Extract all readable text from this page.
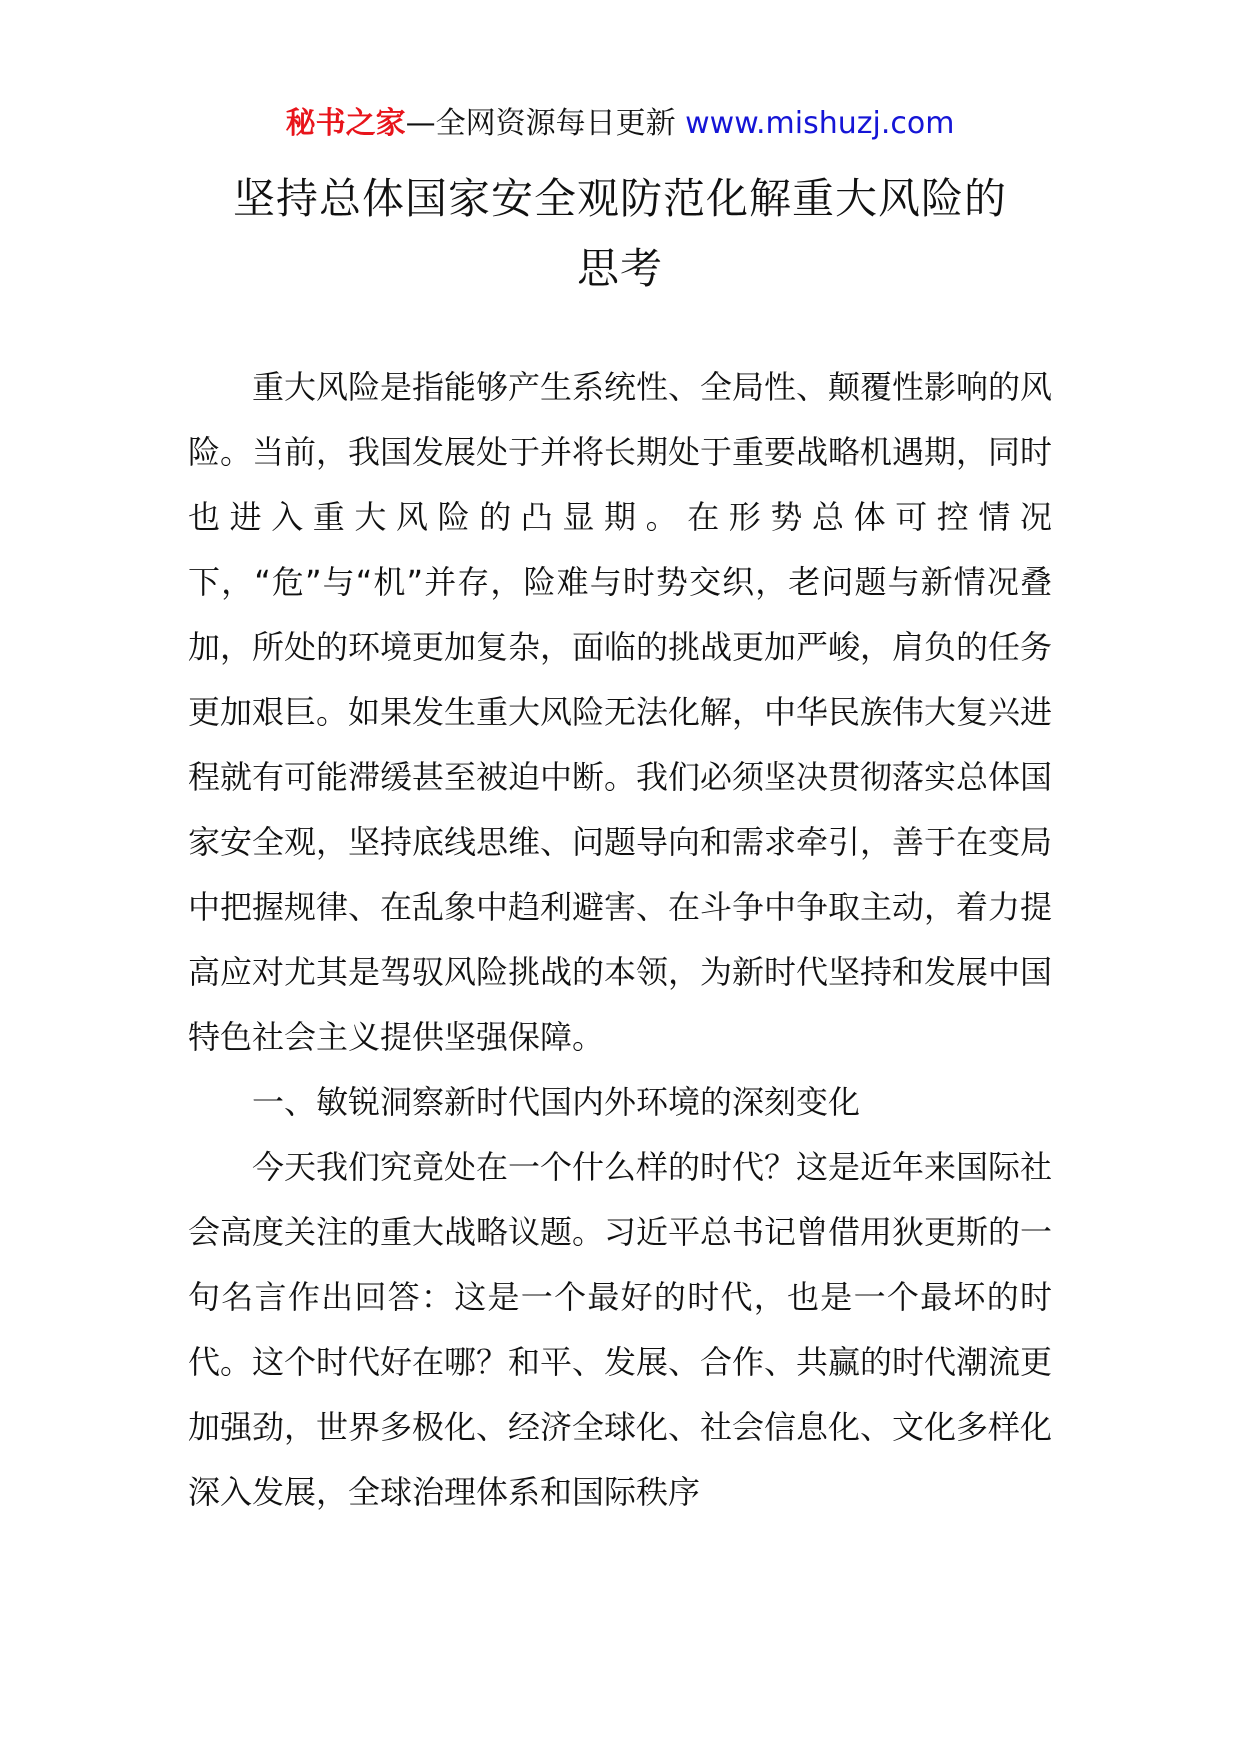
秘书之家—全网资源每日更新 www.mishuzj.com
坚持总体国家安全观防范化解重大风险的
思考

重大风险是指能够产生系统性、全局性、颠覆性影响的风险。当前，我国发展处于并将长期处于重要战略机遇期，同时也进入重大风险的凸显期。在形势总体可控情况下，“危”与“机”并存，险难与时势交织，老问题与新情况叠加，所处的环境更加复杂，面临的挑战更加严峻，肩负的任务更加艰巨。如果发生重大风险无法化解，中华民族伟大复兴进程就有可能滞缓甚至被迫中断。我们必须坚决贯彻落实总体国家安全观，坚持底线思维、问题导向和需求牵引，善于在变局中把握规律、在乱象中趋利避害、在斗争中争取主动，着力提高应对尤其是驾驭风险挑战的本领，为新时代坚持和发展中国特色社会主义提供坚强保障。

一、敏锐洞察新时代国内外环境的深刻变化

今天我们究竟处在一个什么样的时代？这是近年来国际社会高度关注的重大战略议题。习近平总书记曾借用狄更斯的一句名言作出回答：这是一个最好的时代，也是一个最坏的时代。这个时代好在哪？和平、发展、合作、共赢的时代潮流更加强劲，世界多极化、经济全球化、社会信息化、文化多样化深入发展，全球治理体系和国际秩序
